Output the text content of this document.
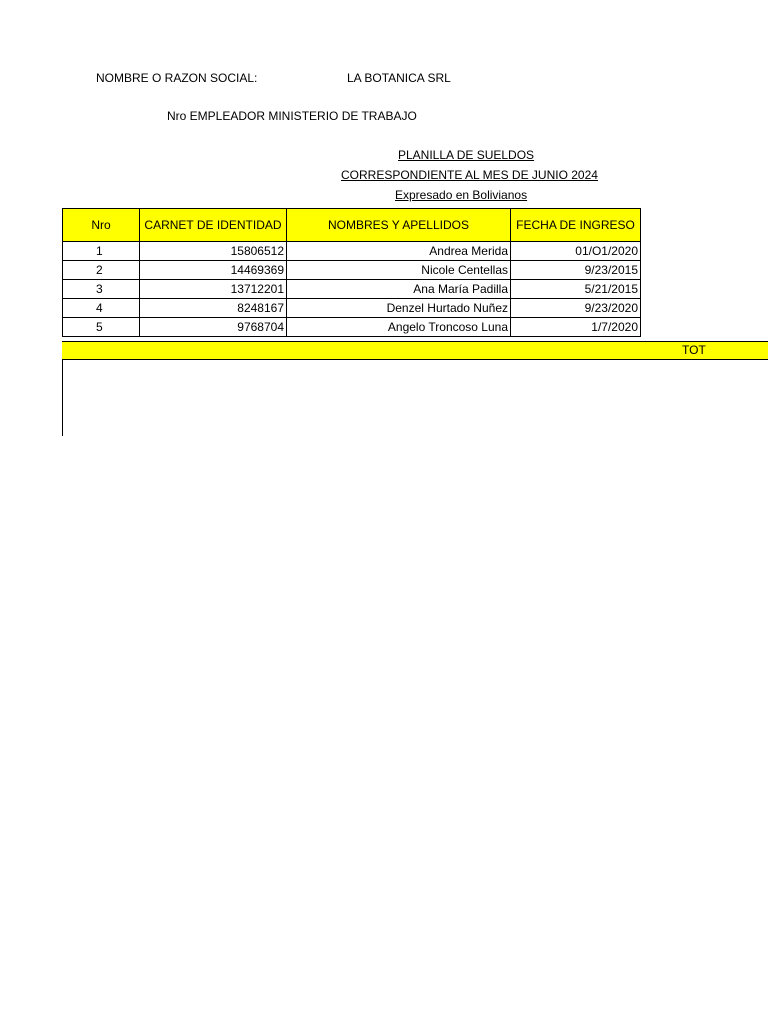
NOMBRE O RAZON SOCIAL:	LA BOTANICA SRL
Nro EMPLEADOR MINISTERIO DE TRABAJO
PLANILLA DE SUELDOS
CORRESPONDIENTE AL MES DE JUNIO 2024
Expresado en Bolivianos
Nro	CARNET DE IDENTIDAD	NOMBRES Y APELLIDOS	FECHA DE INGRESO
1	15806512	Andrea Merida	01/O1/2020
2	14469369	Nicole Centellas	9/23/2015
3	13712201	Ana María Padilla	5/21/2015
4	8248167	Denzel Hurtado Nuñez	9/23/2020
5	9768704	Angelo Troncoso Luna	1/7/2020
TOT
